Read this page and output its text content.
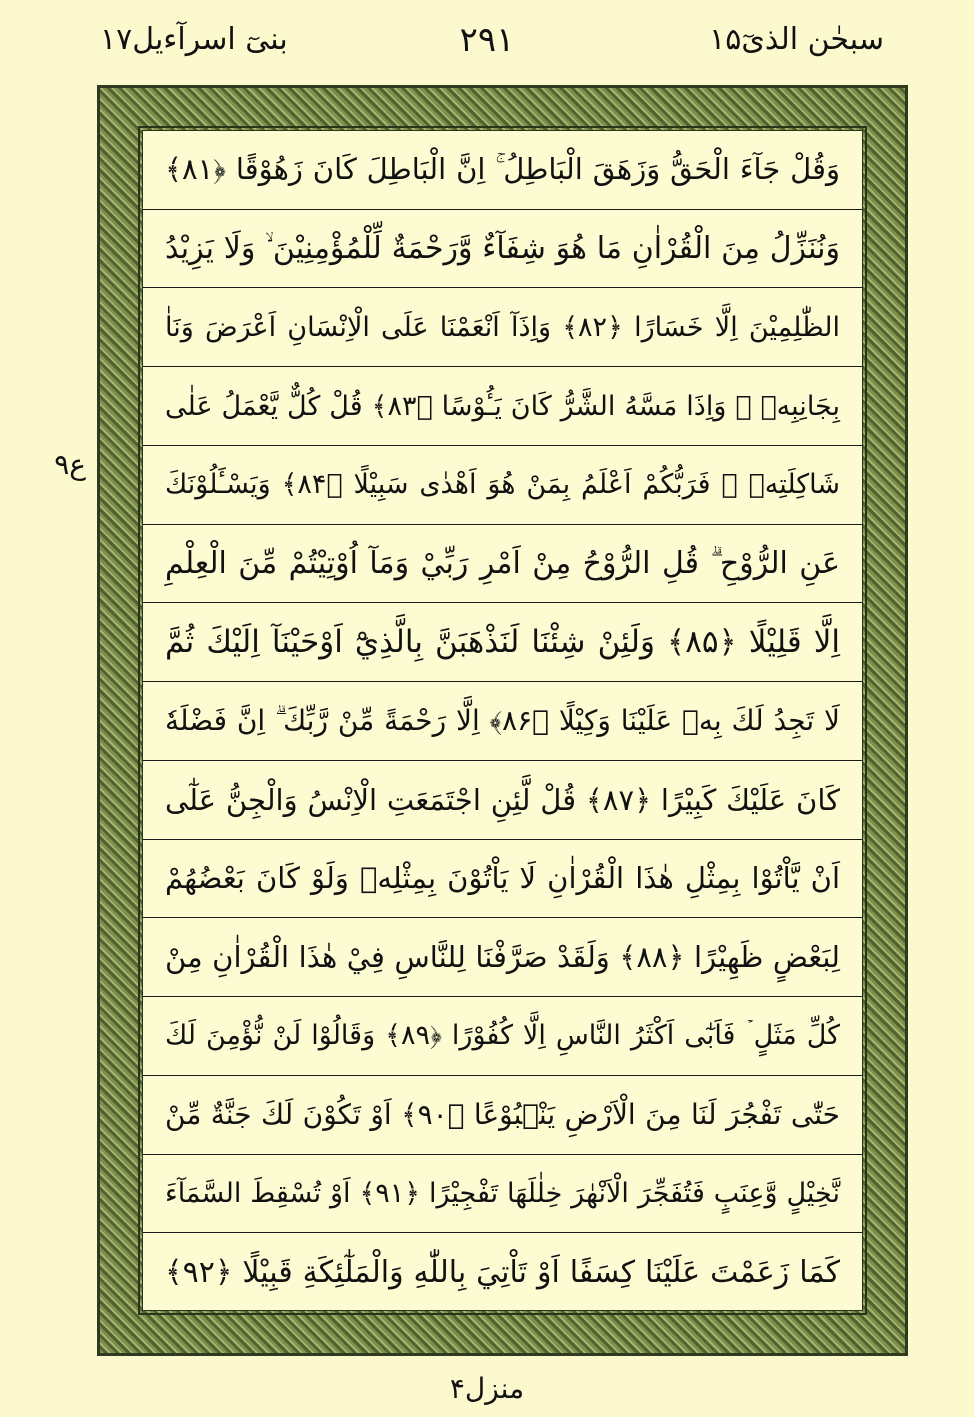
بنیٓ اسرآءیل۱۷	۲۹۱	سبحٰن الذیٓ۱۵
ع۹
وَقُلْ جَآءَ الْحَقُّ وَزَهَقَ الْبَاطِلُ ۚ اِنَّ الْبَاطِلَ كَانَ زَهُوْقًا ﴿۸۱﴾
وَنُنَزِّلُ مِنَ الْقُرْاٰنِ مَا هُوَ شِفَآءٌ وَّرَحْمَةٌ لِّلْمُؤْمِنِيْنَ ۙ وَلَا يَزِيْدُ
الظّٰلِمِيْنَ اِلَّا خَسَارًا ﴿۸۲﴾ وَاِذَآ اَنْعَمْنَا عَلَى الْاِنْسَانِ اَعْرَضَ وَنَاٰ
بِجَانِبِهٖ ۚ وَاِذَا مَسَّهُ الشَّرُّ كَانَ يَـُٔوْسًا ﴿۸۳﴾ قُلْ كُلٌّ يَّعْمَلُ عَلٰى
شَاكِلَتِهٖ ۗ فَرَبُّكُمْ اَعْلَمُ بِمَنْ هُوَ اَهْدٰى سَبِيْلًا ﴿۸۴﴾ وَيَسْـَٔلُوْنَكَ
عَنِ الرُّوْحِ ۗ قُلِ الرُّوْحُ مِنْ اَمْرِ رَبِّيْ وَمَآ اُوْتِيْتُمْ مِّنَ الْعِلْمِ
اِلَّا قَلِيْلًا ﴿۸۵﴾ وَلَئِنْ شِئْنَا لَنَذْهَبَنَّ بِالَّذِيْٓ اَوْحَيْنَآ اِلَيْكَ ثُمَّ
لَا تَجِدُ لَكَ بِهٖ عَلَيْنَا وَكِيْلًا ﴿۸۶﴾ اِلَّا رَحْمَةً مِّنْ رَّبِّكَ ۗ اِنَّ فَضْلَهٗ
كَانَ عَلَيْكَ كَبِيْرًا ﴿۸۷﴾ قُلْ لَّئِنِ اجْتَمَعَتِ الْاِنْسُ وَالْجِنُّ عَلٰٓى
اَنْ يَّاْتُوْا بِمِثْلِ هٰذَا الْقُرْاٰنِ لَا يَاْتُوْنَ بِمِثْلِهٖ وَلَوْ كَانَ بَعْضُهُمْ
لِبَعْضٍ ظَهِيْرًا ﴿۸۸﴾ وَلَقَدْ صَرَّفْنَا لِلنَّاسِ فِيْ هٰذَا الْقُرْاٰنِ مِنْ
كُلِّ مَثَلٍ ۡ فَاَبٰٓى اَكْثَرُ النَّاسِ اِلَّا كُفُوْرًا ﴿۸۹﴾ وَقَالُوْا لَنْ نُّؤْمِنَ لَكَ
حَتّٰى تَفْجُرَ لَنَا مِنَ الْاَرْضِ يَنْۢبُوْعًا ﴿۹۰﴾ اَوْ تَكُوْنَ لَكَ جَنَّةٌ مِّنْ
نَّخِيْلٍ وَّعِنَبٍ فَتُفَجِّرَ الْاَنْهٰرَ خِلٰلَهَا تَفْجِيْرًا ﴿۹۱﴾ اَوْ تُسْقِطَ السَّمَآءَ
كَمَا زَعَمْتَ عَلَيْنَا كِسَفًا اَوْ تَاْتِيَ بِاللّٰهِ وَالْمَلٰٓئِكَةِ قَبِيْلًا ﴿۹۲﴾
منزل۴
